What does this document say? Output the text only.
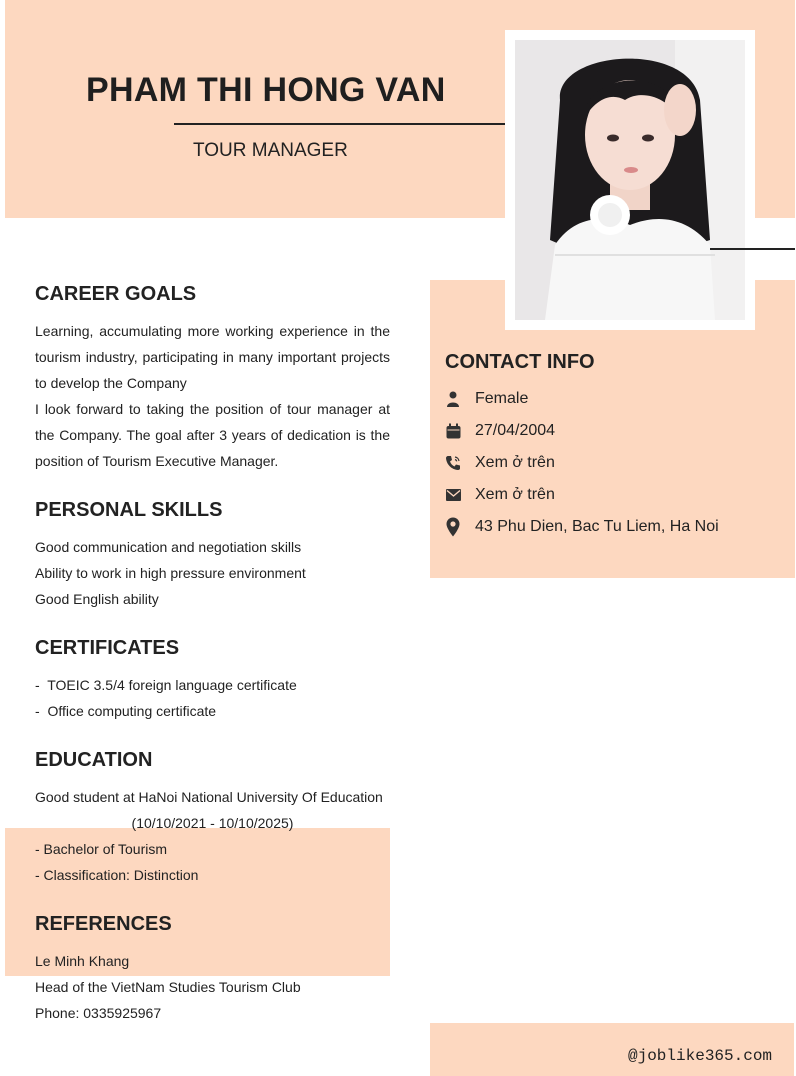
PHAM THI HONG VAN
TOUR MANAGER
CAREER GOALS

Learning, accumulating more working experience in the tourism industry, participating in many important projects to develop the Company

I look forward to taking the position of tour manager at the Company. The goal after 3 years of dedication is the position of Tourism Executive Manager.

PERSONAL SKILLS
Good communication and negotiation skills
Ability to work in high pressure environment
Good English ability
CERTIFICATES
-  TOEIC 3.5/4 foreign language certificate
-  Office computing certificate
EDUCATION
Good student at HaNoi National University Of Education
(10/10/2021 - 10/10/2025)
- Bachelor of Tourism
- Classification: Distinction
REFERENCES
Le Minh Khang
Head of the VietNam Studies Tourism Club
Phone: 0335925967
CONTACT INFO
Female
27/04/2004
Xem ở trên
Xem ở trên
43 Phu Dien, Bac Tu Liem, Ha Noi
@joblike365.com
